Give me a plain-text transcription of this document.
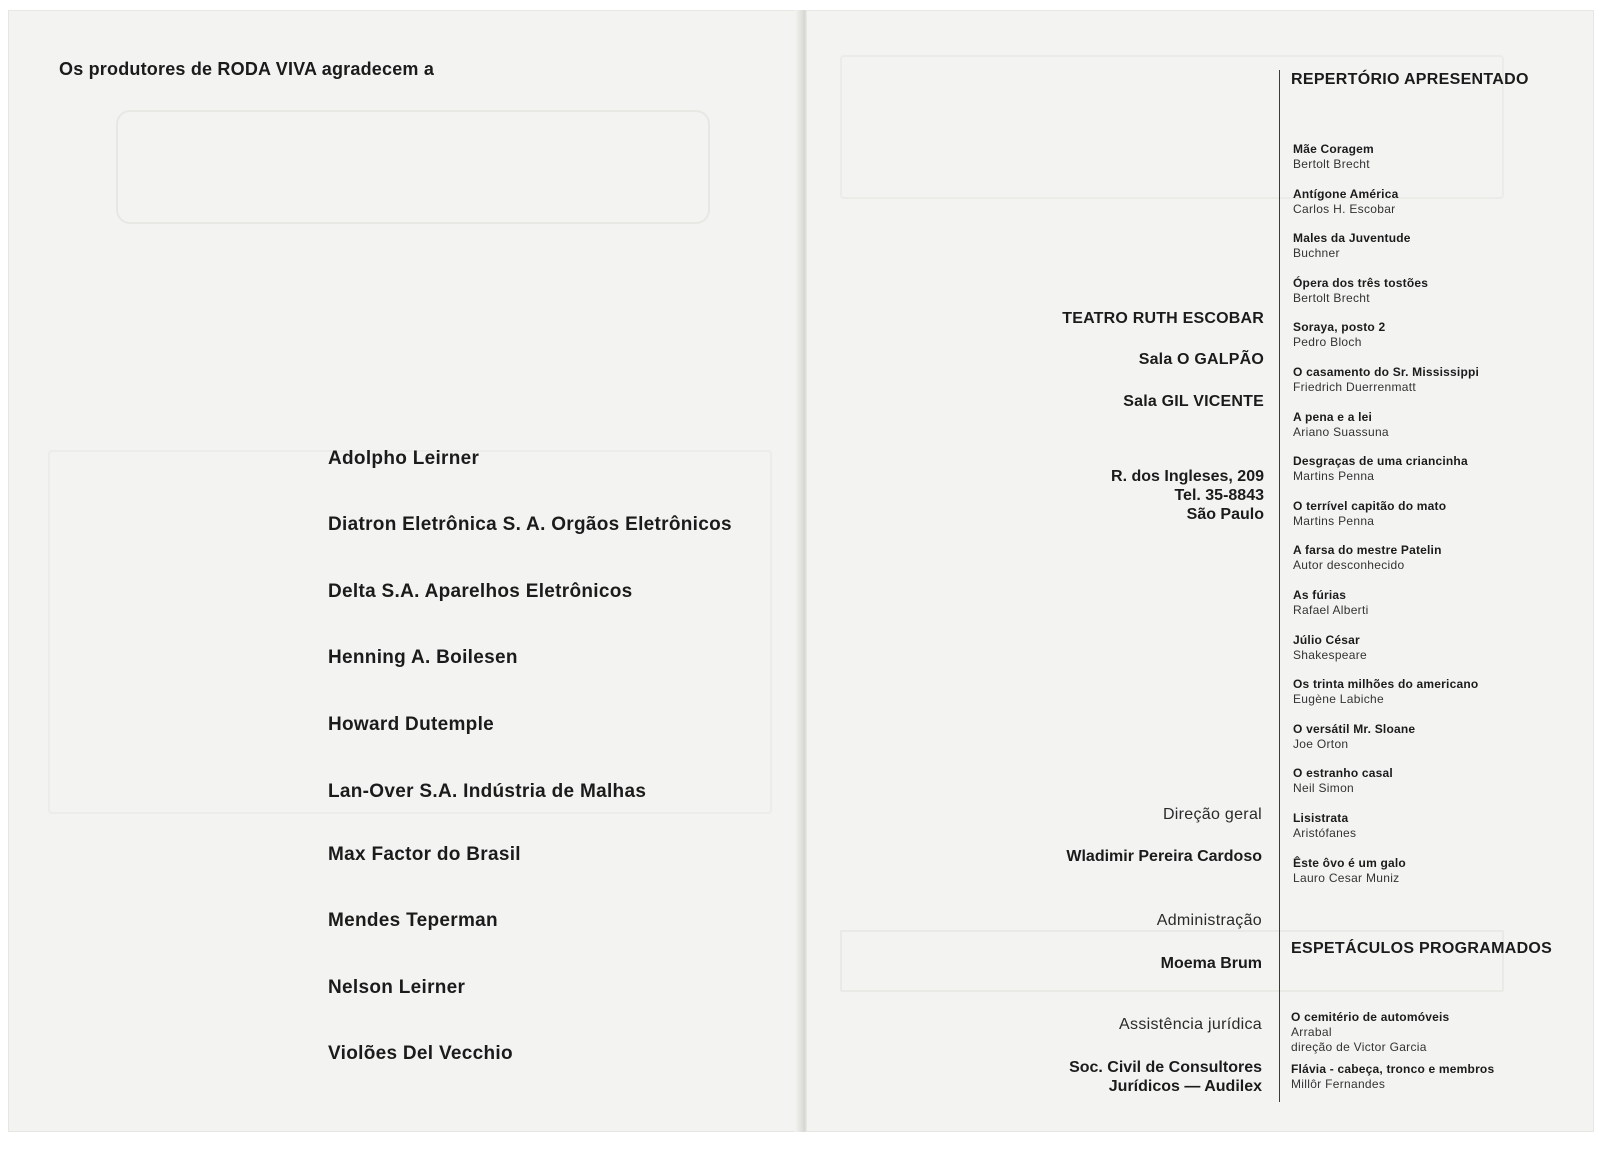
Os produtores de RODA VIVA agradecem a
Adolpho Leirner
Diatron Eletrônica S. A. Orgãos Eletrônicos
Delta S.A. Aparelhos Eletrônicos
Henning A. Boilesen
Howard Dutemple
Lan-Over S.A. Indústria de Malhas
Max Factor do Brasil
Mendes Teperman
Nelson Leirner
Violões Del Vecchio
TEATRO RUTH ESCOBAR
Sala O GALPÃO
Sala GIL VICENTE
R. dos Ingleses, 209
Tel. 35-8843
São Paulo
Direção geral
Wladimir Pereira Cardoso
Administração
Moema Brum
Assistência jurídica
Soc. Civil de Consultores
Jurídicos — Audilex
REPERTÓRIO APRESENTADO
Mãe Coragem
Bertolt Brecht
Antígone América
Carlos H. Escobar
Males da Juventude
Buchner
Ópera dos três tostões
Bertolt Brecht
Soraya, posto 2
Pedro Bloch
O casamento do Sr. Mississippi
Friedrich Duerrenmatt
A pena e a lei
Ariano Suassuna
Desgraças de uma criancinha
Martins Penna
O terrível capitão do mato
Martins Penna
A farsa do mestre Patelin
Autor desconhecido
As fúrias
Rafael Alberti
Júlio César
Shakespeare
Os trinta milhões do americano
Eugène Labiche
O versátil Mr. Sloane
Joe Orton
O estranho casal
Neil Simon
Lisistrata
Aristófanes
Êste ôvo é um galo
Lauro Cesar Muniz
ESPETÁCULOS PROGRAMADOS
O cemitério de automóveis
Arrabal
direção de Victor Garcia
Flávia - cabeça, tronco e membros
Millôr Fernandes
